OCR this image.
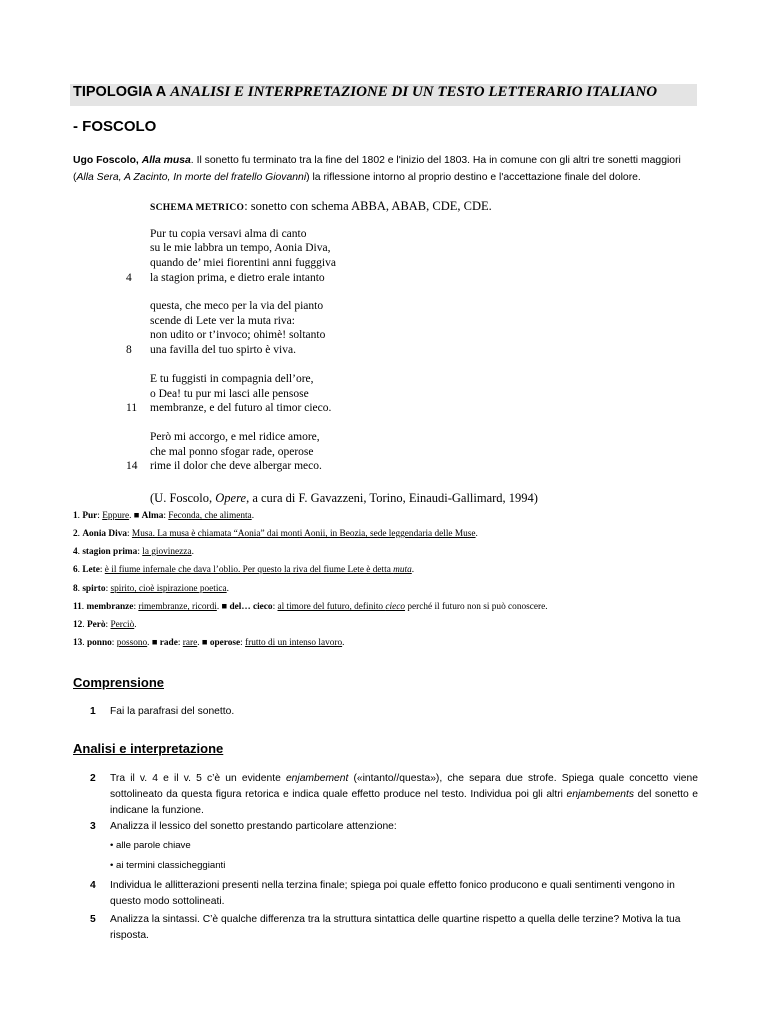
TIPOLOGIA A ANALISI E INTERPRETAZIONE DI UN TESTO LETTERARIO ITALIANO
- FOSCOLO
Ugo Foscolo, Alla musa. Il sonetto fu terminato tra la fine del 1802 e l'inizio del 1803. Ha in comune con gli altri tre sonetti maggiori (Alla Sera, A Zacinto, In morte del fratello Giovanni) la riflessione intorno al proprio destino e l'accettazione finale del dolore.
SCHEMA METRICO: sonetto con schema ABBA, ABAB, CDE, CDE.
Pur tu copia versavi alma di canto
su le mie labbra un tempo, Aonia Diva,
quando de’ miei fiorentini anni fugggiva
la stagion prima, e dietro erale intanto
4
questa, che meco per la via del pianto
scende di Lete ver la muta riva:
non udito or t’invoco; ohimè! soltanto
una favilla del tuo spirto è viva.
8
E tu fuggisti in compagnia dell’ore,
o Dea! tu pur mi lasci alle pensose
membranze, e del futuro al timor cieco.
11
Però mi accorgo, e mel ridice amore,
che mal ponno sfogar rade, operose
rime il dolor che deve albergar meco.
14
(U. Foscolo, Opere, a cura di F. Gavazzeni, Torino, Einaudi-Gallimard, 1994)
1. Pur: Eppure. ■ Alma: Feconda, che alimenta.
2. Aonia Diva: Musa. La musa è chiamata “Aonia” dai monti Aonii, in Beozia, sede leggendaria delle Muse.
4. stagion prima: la giovinezza.
6. Lete: è il fiume infernale che dava l’oblio. Per questo la riva del fiume Lete è detta muta.
8. spirto: spirito, cioè ispirazione poetica.
11. membranze: rimembranze, ricordi. ■ del… cieco: al timore del futuro, definito cieco perché il futuro non si può conoscere.
12. Però: Perciò.
13. ponno: possono. ■ rade: rare. ■ operose: frutto di un intenso lavoro.
Comprensione
1 Fai la parafrasi del sonetto.
Analisi e interpretazione
2 Tra il v. 4 e il v. 5 c’è un evidente enjambement («intanto//questa»), che separa due strofe. Spiega quale concetto viene sottolineato da questa figura retorica e indica quale effetto produce nel testo. Individua poi gli altri enjambements del sonetto e indicane la funzione.
3 Analizza il lessico del sonetto prestando particolare attenzione:
• alle parole chiave
• ai termini classicheggianti
4 Individua le allitterazioni presenti nella terzina finale; spiega poi quale effetto fonico producono e quali sentimenti vengono in questo modo sottolineati.
5 Analizza la sintassi. C’è qualche differenza tra la struttura sintattica delle quartine rispetto a quella delle terzine? Motiva la tua risposta.
